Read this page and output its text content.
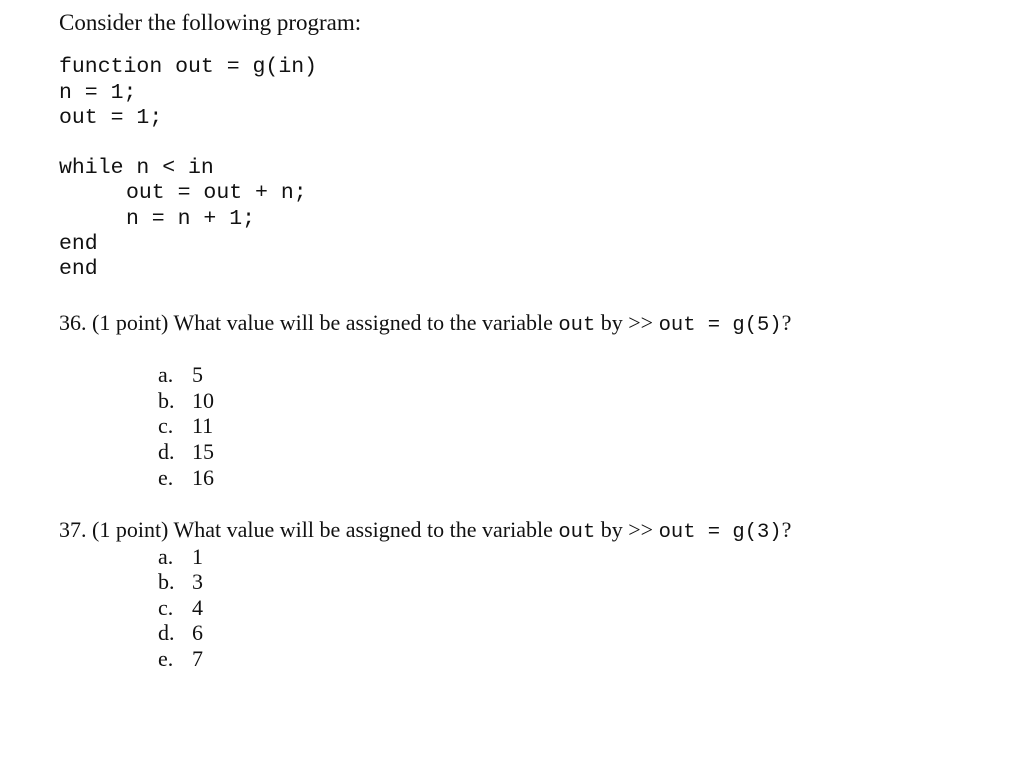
Consider the following program:
function out = g(in)
n = 1;
out = 1;
while n < in
out = out + n;
n = n + 1;
end
end
36. (1 point) What value will be assigned to the variable out by >> out = g(5)?
a. 5
b. 10
c. 11
d. 15
e. 16
37. (1 point) What value will be assigned to the variable out by >> out = g(3)?
a. 1
b. 3
c. 4
d. 6
e. 7
